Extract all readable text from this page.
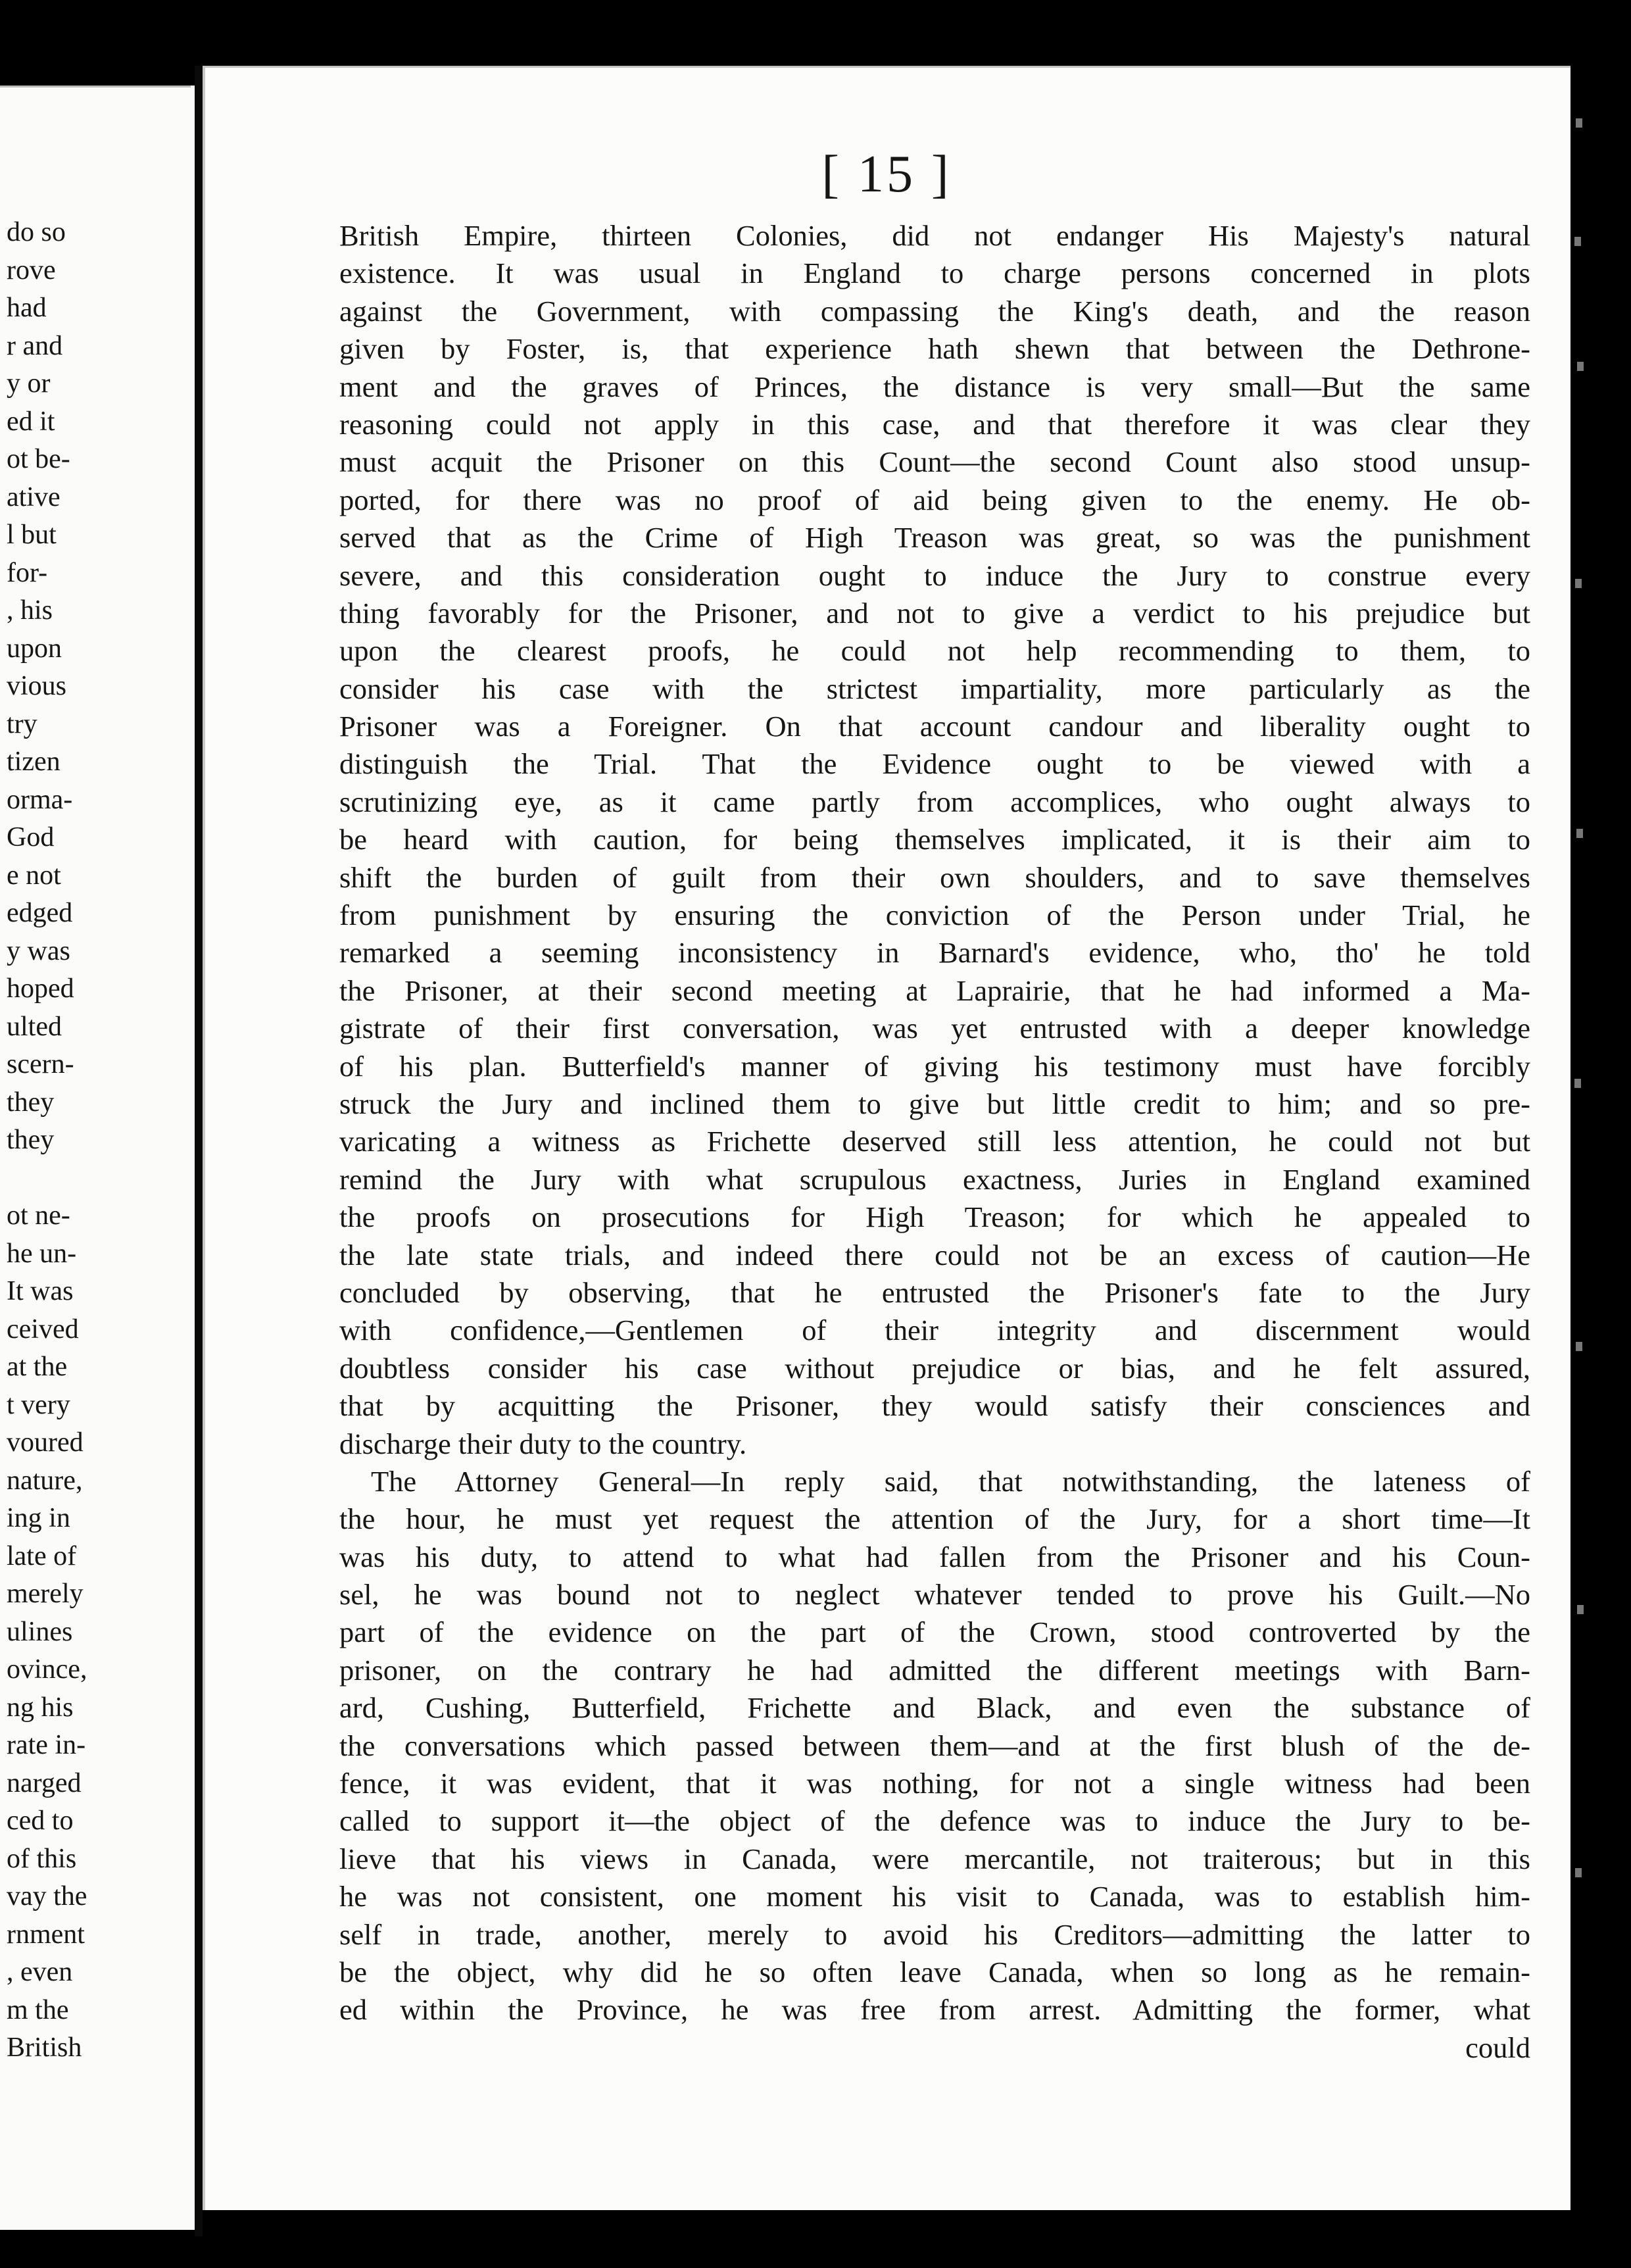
do so
rove
had
r and
y or
ed it
ot be-
ative
l but
for-
, his
upon
vious
try
tizen
orma-
God
e not
edged
y was
hoped
ulted
scern-
they
they
ot ne-
he un-
It was
ceived
at the
t very
voured
nature,
ing in
late of
merely
ulines
ovince,
ng his
rate in-
narged
ced to
of this
vay the
rnment
, even
m the
British
[ 15 ]
British Empire, thirteen Colonies, did not endanger His Majesty's natural
existence. It was usual in England to charge persons concerned in plots
against the Government, with compassing the King's death, and the reason
given by Foster, is, that experience hath shewn that between the Dethrone-
ment and the graves of Princes, the distance is very small—But the same
reasoning could not apply in this case, and that therefore it was clear they
must acquit the Prisoner on this Count—the second Count also stood unsup-
ported, for there was no proof of aid being given to the enemy. He ob-
served that as the Crime of High Treason was great, so was the punishment
severe, and this consideration ought to induce the Jury to construe every
thing favorably for the Prisoner, and not to give a verdict to his prejudice but
upon the clearest proofs, he could not help recommending to them, to
consider his case with the strictest impartiality, more particularly as the
Prisoner was a Foreigner. On that account candour and liberality ought to
distinguish the Trial. That the Evidence ought to be viewed with a
scrutinizing eye, as it came partly from accomplices, who ought always to
be heard with caution, for being themselves implicated, it is their aim to
shift the burden of guilt from their own shoulders, and to save themselves
from punishment by ensuring the conviction of the Person under Trial, he
remarked a seeming inconsistency in Barnard's evidence, who, tho' he told
the Prisoner, at their second meeting at Laprairie, that he had informed a Ma-
gistrate of their first conversation, was yet entrusted with a deeper knowledge
of his plan. Butterfield's manner of giving his testimony must have forcibly
struck the Jury and inclined them to give but little credit to him; and so pre-
varicating a witness as Frichette deserved still less attention, he could not but
remind the Jury with what scrupulous exactness, Juries in England examined
the proofs on prosecutions for High Treason; for which he appealed to
the late state trials, and indeed there could not be an excess of caution—He
concluded by observing, that he entrusted the Prisoner's fate to the Jury
with confidence,—Gentlemen of their integrity and discernment would
doubtless consider his case without prejudice or bias, and he felt assured,
that by acquitting the Prisoner, they would satisfy their consciences and
discharge their duty to the country.
The Attorney General—In reply said, that notwithstanding, the lateness of
the hour, he must yet request the attention of the Jury, for a short time—It
was his duty, to attend to what had fallen from the Prisoner and his Coun-
sel, he was bound not to neglect whatever tended to prove his Guilt.—No
part of the evidence on the part of the Crown, stood controverted by the
prisoner, on the contrary he had admitted the different meetings with Barn-
ard, Cushing, Butterfield, Frichette and Black, and even the substance of
the conversations which passed between them—and at the first blush of the de-
fence, it was evident, that it was nothing, for not a single witness had been
called to support it—the object of the defence was to induce the Jury to be-
lieve that his views in Canada, were mercantile, not traiterous; but in this
he was not consistent, one moment his visit to Canada, was to establish him-
self in trade, another, merely to avoid his Creditors—admitting the latter to
be the object, why did he so often leave Canada, when so long as he remain-
ed within the Province, he was free from arrest. Admitting the former, what
could
